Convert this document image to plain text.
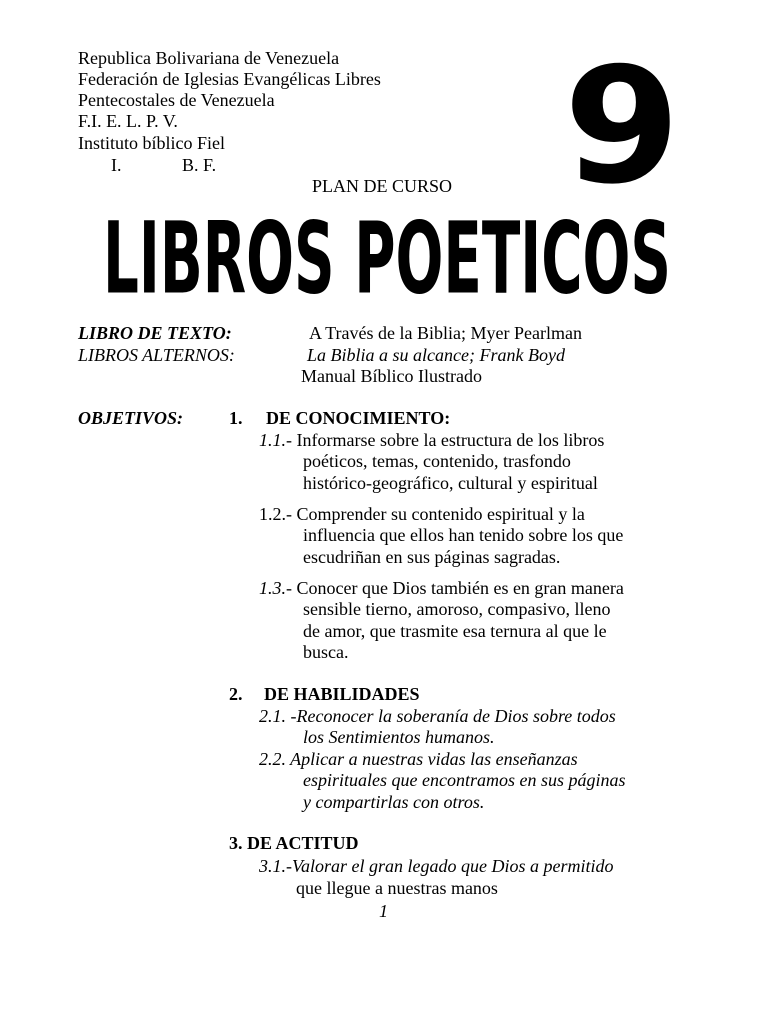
Republica Bolivariana de Venezuela
Federación de Iglesias Evangélicas Libres
Pentecostales de Venezuela
F.I. E. L. P. V.
Instituto bíblico Fiel
I.	B. F. 6
PLAN DE CURSO
LIBROS POETICOS
LIBRO DE TEXTO:	A Través de la Biblia; Myer Pearlman
LIBROS ALTERNOS:	La Biblia a su alcance; Frank Boyd
Manual Bíblico Ilustrado
OBJETIVOS:	1. DE CONOCIMIENTO:
1.1.- Informarse sobre la estructura de los libros
poéticos, temas, contenido, trasfondo
histórico-geográfico, cultural y espiritual
1.2.- Comprender su contenido espiritual y la
influencia que ellos han tenido sobre los que
escudriñan en sus páginas sagradas.
1.3.- Conocer que Dios también es en gran manera
sensible tierno, amoroso, compasivo, lleno
de amor, que trasmite esa ternura al que le
busca.
2. DE HABILIDADES
2.1. -Reconocer la soberanía de Dios sobre todos
los Sentimientos humanos.
2.2. Aplicar a nuestras vidas las enseñanzas
espirituales que encontramos en sus páginas
y compartirlas con otros.
3. DE ACTITUD
3.1.-Valorar el gran legado que Dios a permitido
que llegue a nuestras manos
1
